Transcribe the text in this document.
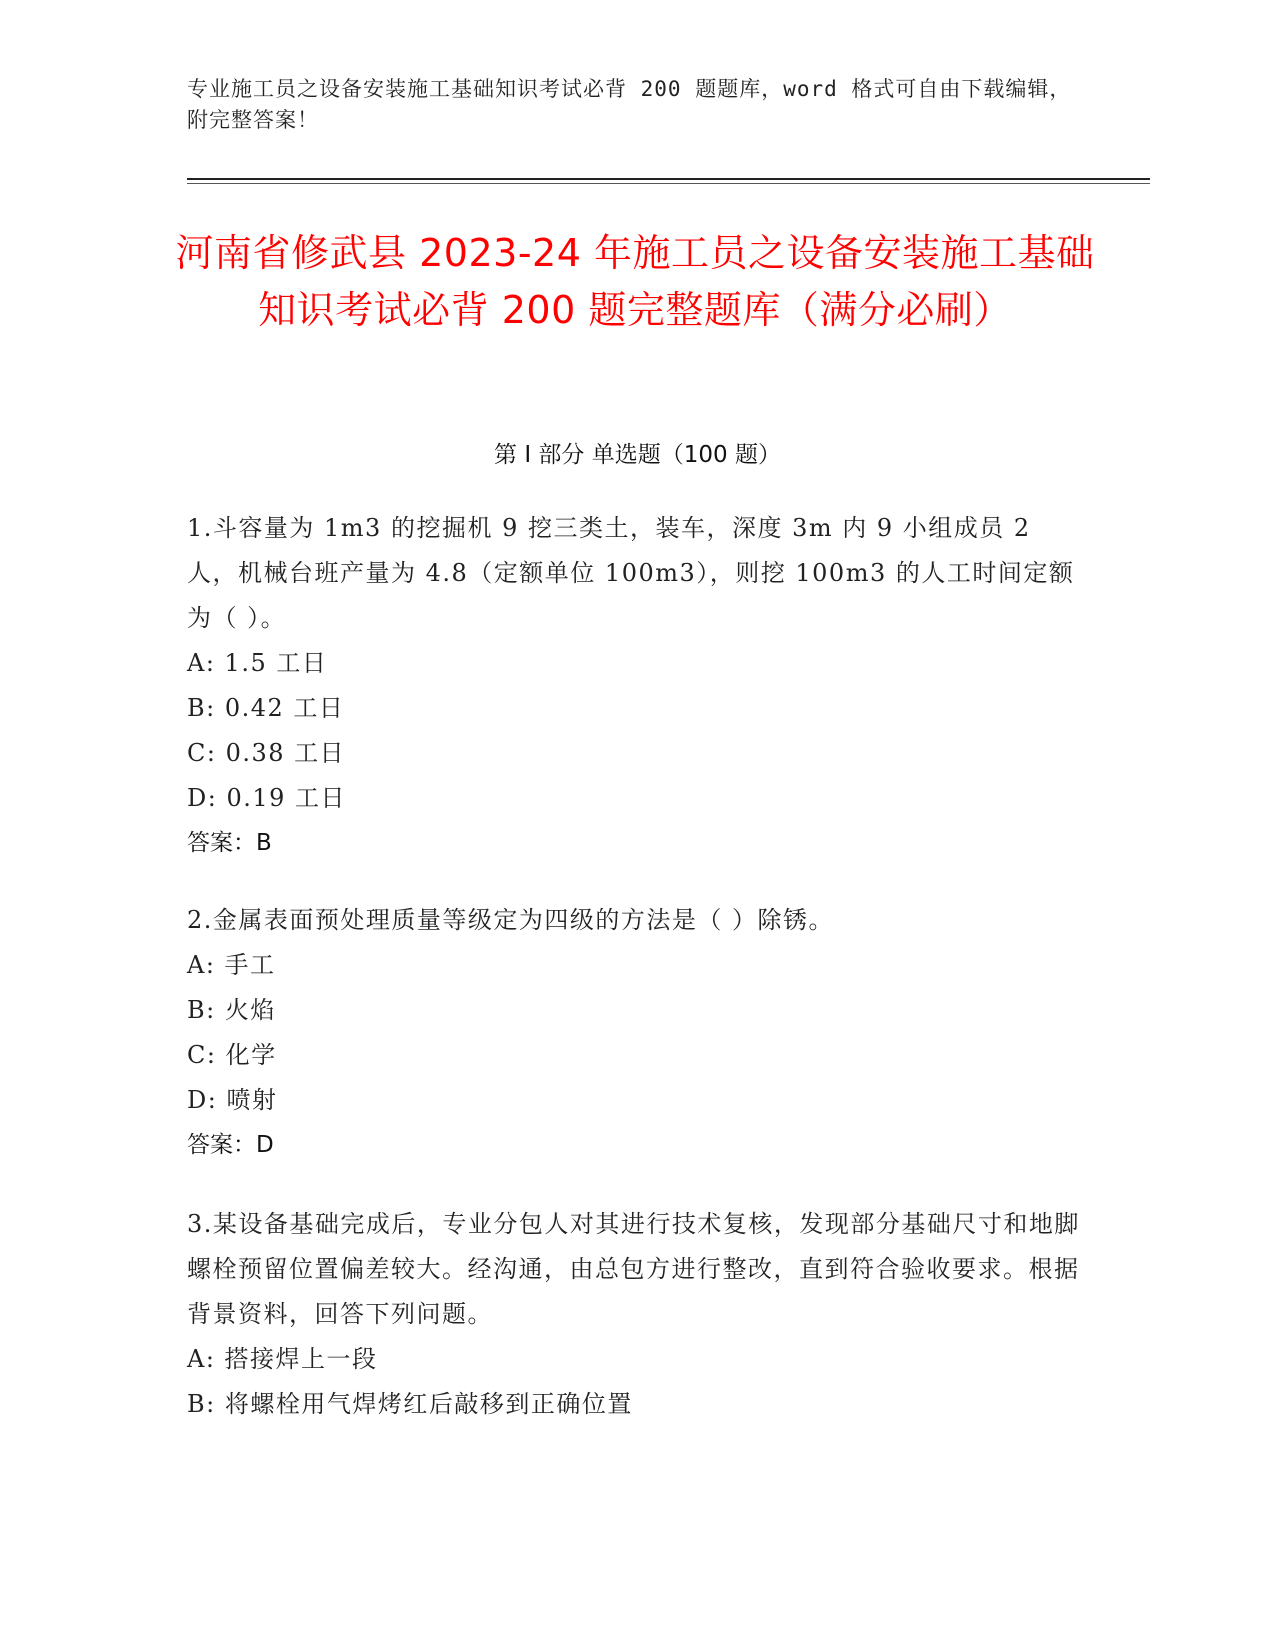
专业施工员之设备安装施工基础知识考试必背 200 题题库，word 格式可自由下载编辑，附完整答案！
河南省修武县 2023-24 年施工员之设备安装施工基础知识考试必背 200 题完整题库（满分必刷）
第 I 部分 单选题（100 题）

1.斗容量为 1m3 的挖掘机 9 挖三类土，装车，深度 3m 内 9 小组成员 2 人，机械台班产量为 4.8（定额单位 100m3），则挖 100m3 的人工时间定额为（ ）。

A: 1.5 工日

B: 0.42 工日

C: 0.38 工日

D: 0.19 工日

答案：B

2.金属表面预处理质量等级定为四级的方法是（ ）除锈。

A: 手工

B: 火焰

C: 化学

D: 喷射

答案：D

3.某设备基础完成后，专业分包人对其进行技术复核，发现部分基础尺寸和地脚螺栓预留位置偏差较大。经沟通，由总包方进行整改，直到符合验收要求。根据背景资料，回答下列问题。

A: 搭接焊上一段

B: 将螺栓用气焊烤红后敲移到正确位置
